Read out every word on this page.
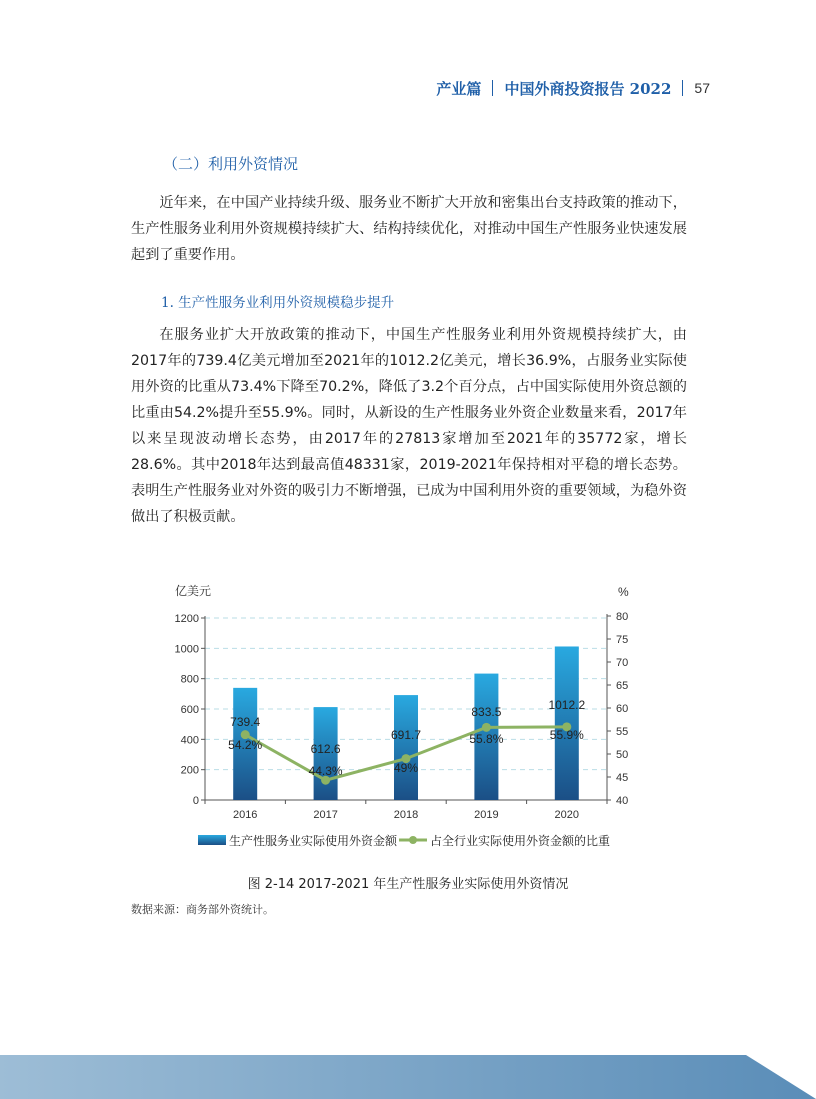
产业篇 中国外商投资报告 2022 57
（二）利用外资情况
近年来，在中国产业持续升级、服务业不断扩大开放和密集出台支持政策的推动下，生产性服务业利用外资规模持续扩大、结构持续优化，对推动中国生产性服务业快速发展起到了重要作用。
1. 生产性服务业利用外资规模稳步提升
在服务业扩大开放政策的推动下，中国生产性服务业利用外资规模持续扩大，由2017年的739.4亿美元增加至2021年的1012.2亿美元，增长36.9%，占服务业实际使用外资的比重从73.4%下降至70.2%，降低了3.2个百分点，占中国实际使用外资总额的比重由54.2%提升至55.9%。同时，从新设的生产性服务业外资企业数量来看，2017年以来呈现波动增长态势，由2017年的27813家增加至2021年的35772家，增长28.6%。其中2018年达到最高值48331家，2019-2021年保持相对平稳的增长态势。表明生产性服务业对外资的吸引力不断增强，已成为中国利用外资的重要领域，为稳外资做出了积极贡献。
亿美元	%
0
200
400
600
800
1000
1200
40
45
50
55
60
65
70
75
80
2016	2017	2018	2019	2020
739.4
612.6
691.7
833.5	1012.2
54.2%
44.3%	49%
55.8%	55.9%
生产性服务业实际使用外资金额	占全行业实际使用外资金额的比重
图 2-14 2017-2021 年生产性服务业实际使用外资情况
数据来源：商务部外资统计。
